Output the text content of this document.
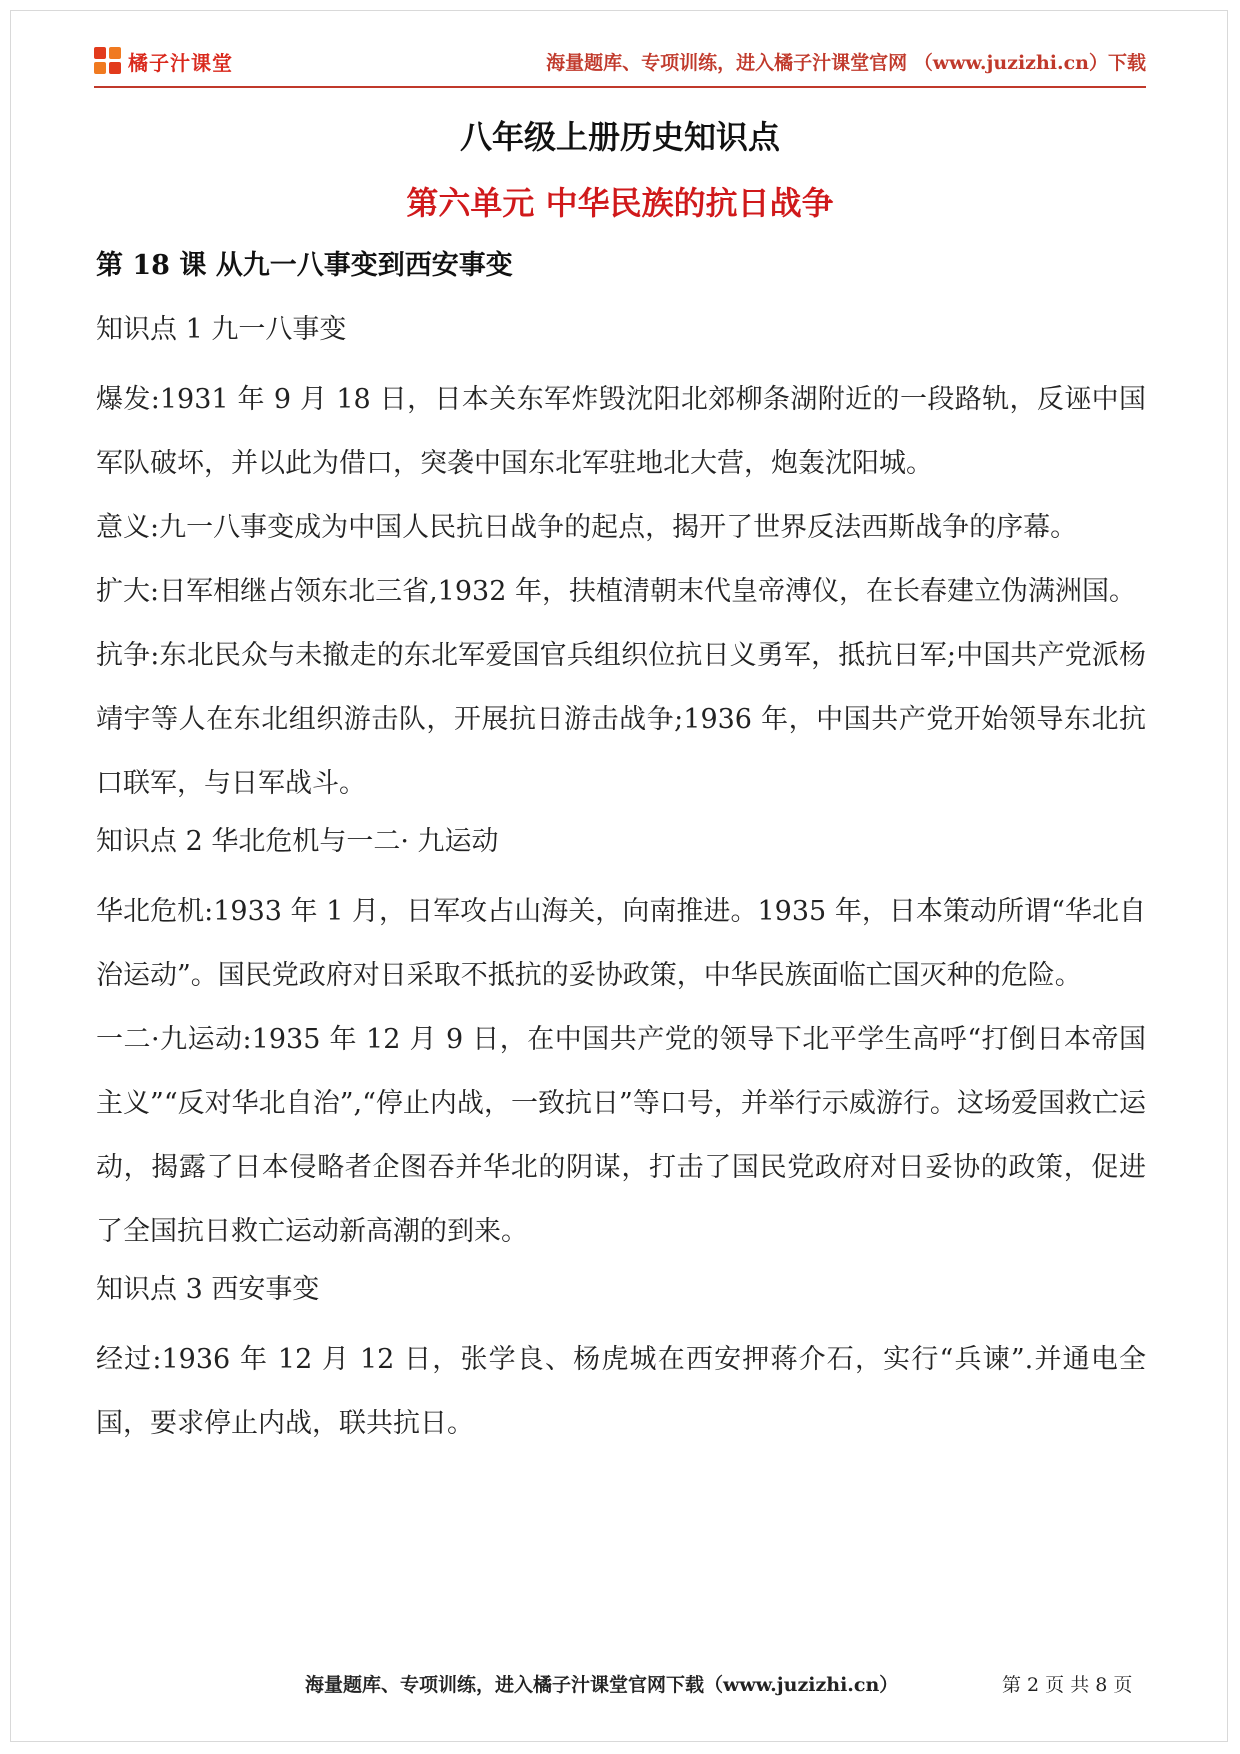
橘子汁课堂	海量题库、专项训练，进入橘子汁课堂官网 （www.juzizhi.cn）下载
八年级上册历史知识点
第六单元 中华民族的抗日战争
第 18 课 从九一八事变到西安事变
知识点 1 九一八事变

爆发:1931 年 9 月 18 日，日本关东军炸毁沈阳北郊柳条湖附近的一段路轨，反诬中国军队破坏，并以此为借口，突袭中国东北军驻地北大营，炮轰沈阳城。

意义:九一八事变成为中国人民抗日战争的起点，揭开了世界反法西斯战争的序幕。

扩大:日军相继占领东北三省,1932 年，扶植清朝末代皇帝溥仪，在长春建立伪满洲国。

抗争:东北民众与未撤走的东北军爱国官兵组织位抗日义勇军，抵抗日军;中国共产党派杨靖宇等人在东北组织游击队，开展抗日游击战争;1936 年，中国共产党开始领导东北抗口联军，与日军战斗。

知识点 2 华北危机与一二· 九运动

华北危机:1933 年 1 月，日军攻占山海关，向南推进。1935 年，日本策动所谓“华北自治运动”。国民党政府对日采取不抵抗的妥协政策，中华民族面临亡国灭种的危险。

一二·九运动:1935 年 12 月 9 日，在中国共产党的领导下北平学生高呼“打倒日本帝国主义”“反对华北自治”,“停止内战，一致抗日”等口号，并举行示威游行。这场爱国救亡运动，揭露了日本侵略者企图吞并华北的阴谋，打击了国民党政府对日妥协的政策，促进了全国抗日救亡运动新高潮的到来。

知识点 3 西安事变

经过:1936 年 12 月 12 日，张学良、杨虎城在西安押蒋介石，实行“兵谏”.并通电全国，要求停止内战，联共抗日。

海量题库、专项训练，进入橘子汁课堂官网下载（www.juzizhi.cn）	第 2 页 共 8 页
